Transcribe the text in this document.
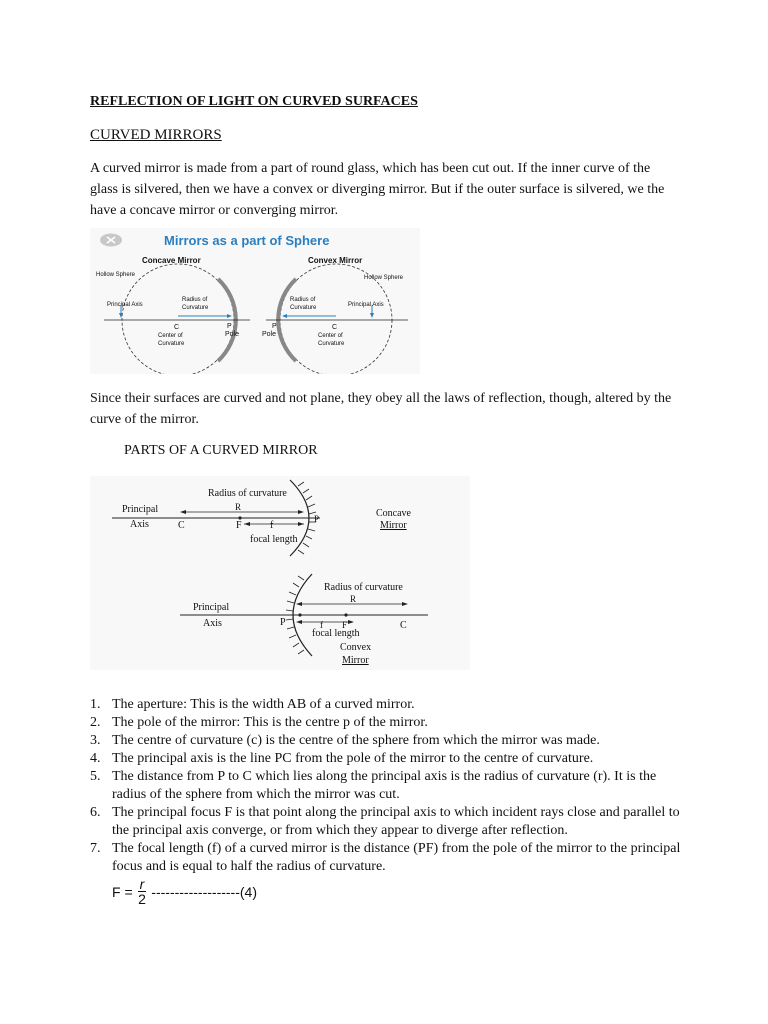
REFLECTION OF LIGHT ON CURVED SURFACES
CURVED MIRRORS
A curved mirror is made from a part of round glass, which has been cut out. If the inner curve of the glass is silvered, then we have a convex or diverging mirror. But if the outer surface is silvered, we the have a concave mirror or converging mirror.
Mirrors as a part of Sphere
Concave Mirror	Convex Mirror
Hollow Sphere
Principal Axis
Radius of
Curvature
C
Center of
Curvature
P
Pole
Hollow Sphere
Principal Axis
Radius of
Curvature
C
Center of
Curvature
P
Pole
Since their surfaces are curved and not plane, they obey all the laws of reflection, though, altered by the curve of the mirror.
PARTS OF A CURVED MIRROR
Radius of curvature
Principal
Axis
R
C	F	f
P
focal length
Concave
Mirror
Radius of curvature
Principal
Axis
R
P	f F	C
focal length
Convex
Mirror
1. The aperture: This is the width AB of a curved mirror.
2. The pole of the mirror: This is the centre p of the mirror.
3. The centre of curvature (c) is the centre of the sphere from which the mirror was made.
4. The principal axis is the line PC from the pole of the mirror to the centre of curvature.
5. The distance from P to C which lies along the principal axis is the radius of curvature (r). It is the radius of the sphere from which the mirror was cut.
6. The principal focus F is that point along the principal axis to which incident rays close and parallel to the principal axis converge, or from which they appear to diverge after reflection.
7. The focal length (f) of a curved mirror is the distance (PF) from the pole of the mirror to the principal focus and is equal to half the radius of curvature.
$F = \frac{r}{2} -------------------(4)$
